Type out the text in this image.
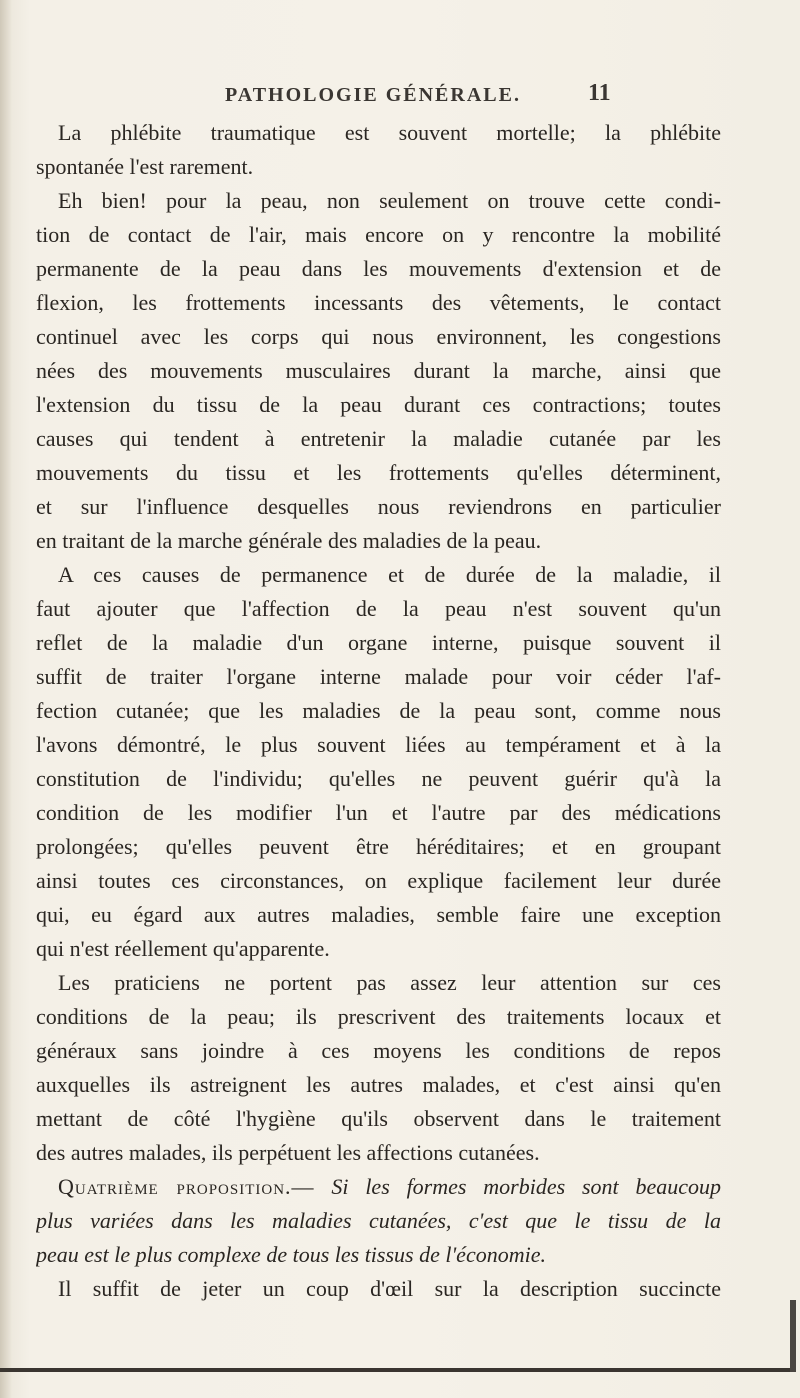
PATHOLOGIE GÉNÉRALE.	11
La phlébite traumatique est souvent mortelle; la phlébite
spontanée l'est rarement.
Eh bien! pour la peau, non seulement on trouve cette condi-
tion de contact de l'air, mais encore on y rencontre la mobilité
permanente de la peau dans les mouvements d'extension et de
flexion, les frottements incessants des vêtements, le contact
continuel avec les corps qui nous environnent, les congestions
nées des mouvements musculaires durant la marche, ainsi que
l'extension du tissu de la peau durant ces contractions; toutes
causes qui tendent à entretenir la maladie cutanée par les
mouvements du tissu et les frottements qu'elles déterminent,
et sur l'influence desquelles nous reviendrons en particulier
en traitant de la marche générale des maladies de la peau.
A ces causes de permanence et de durée de la maladie, il
faut ajouter que l'affection de la peau n'est souvent qu'un
reflet de la maladie d'un organe interne, puisque souvent il
suffit de traiter l'organe interne malade pour voir céder l'af-
fection cutanée; que les maladies de la peau sont, comme nous
l'avons démontré, le plus souvent liées au tempérament et à la
constitution de l'individu; qu'elles ne peuvent guérir qu'à la
condition de les modifier l'un et l'autre par des médications
prolongées; qu'elles peuvent être héréditaires; et en groupant
ainsi toutes ces circonstances, on explique facilement leur durée
qui, eu égard aux autres maladies, semble faire une exception
qui n'est réellement qu'apparente.
Les praticiens ne portent pas assez leur attention sur ces
conditions de la peau; ils prescrivent des traitements locaux et
généraux sans joindre à ces moyens les conditions de repos
auxquelles ils astreignent les autres malades, et c'est ainsi qu'en
mettant de côté l'hygiène qu'ils observent dans le traitement
des autres malades, ils perpétuent les affections cutanées.
Quatrième proposition.— Si les formes morbides sont beaucoup
plus variées dans les maladies cutanées, c'est que le tissu de la
peau est le plus complexe de tous les tissus de l'économie.
Il suffit de jeter un coup d'œil sur la description succincte
